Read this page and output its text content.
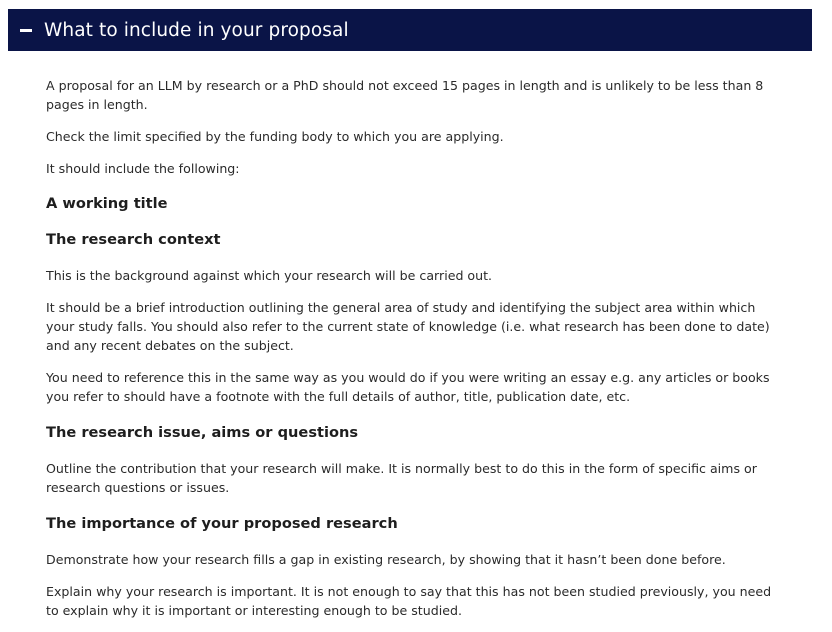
What to include in your proposal

A proposal for an LLM by research or a PhD should not exceed 15 pages in length and is unlikely to be less than 8 pages in length.

Check the limit specified by the funding body to which you are applying.

It should include the following:

A working title
The research context

This is the background against which your research will be carried out.

It should be a brief introduction outlining the general area of study and identifying the subject area within which your study falls. You should also refer to the current state of knowledge (i.e. what research has been done to date) and any recent debates on the subject.

You need to reference this in the same way as you would do if you were writing an essay e.g. any articles or books you refer to should have a footnote with the full details of author, title, publication date, etc.

The research issue, aims or questions

Outline the contribution that your research will make. It is normally best to do this in the form of specific aims or research questions or issues.

The importance of your proposed research

Demonstrate how your research fills a gap in existing research, by showing that it hasn’t been done before.

Explain why your research is important. It is not enough to say that this has not been studied previously, you need to explain why it is important or interesting enough to be studied.
